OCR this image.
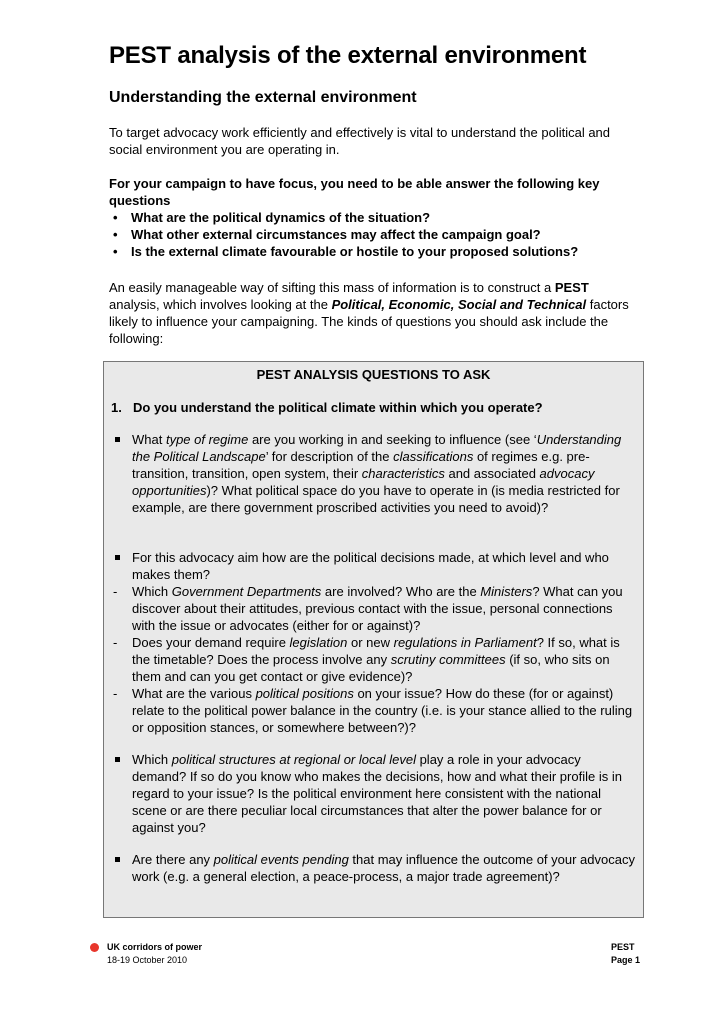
PEST analysis of the external environment
Understanding the external environment
To target advocacy work efficiently and effectively is vital to understand the political and social environment you are operating in.
For your campaign to have focus, you need to be able answer the following key questions
• What are the political dynamics of the situation?
• What other external circumstances may affect the campaign goal?
• Is the external climate favourable or hostile to your proposed solutions?
An easily manageable way of sifting this mass of information is to construct a PEST analysis, which involves looking at the Political, Economic, Social and Technical factors likely to influence your campaigning. The kinds of questions you should ask include the following:
PEST ANALYSIS QUESTIONS TO ASK
1. Do you understand the political climate within which you operate?
What type of regime are you working in and seeking to influence (see ‘Understanding the Political Landscape’ for description of the classifications of regimes e.g. pre-transition, transition, open system, their characteristics and associated advocacy opportunities)? What political space do you have to operate in (is media restricted for example, are there government proscribed activities you need to avoid)?
For this advocacy aim how are the political decisions made, at which level and who makes them?
-	Which Government Departments are involved? Who are the Ministers? What can you discover about their attitudes, previous contact with the issue, personal connections with the issue or advocates (either for or against)?
-	Does your demand require legislation or new regulations in Parliament? If so, what is the timetable? Does the process involve any scrutiny committees (if so, who sits on them and can you get contact or give evidence)?
-	What are the various political positions on your issue? How do these (for or against) relate to the political power balance in the country (i.e. is your stance allied to the ruling or opposition stances, or somewhere between?)?
Which political structures at regional or local level play a role in your advocacy demand? If so do you know who makes the decisions, how and what their profile is in regard to your issue? Is the political environment here consistent with the national scene or are there peculiar local circumstances that alter the power balance for or against you?
Are there any political events pending that may influence the outcome of your advocacy work (e.g. a general election, a peace-process, a major trade agreement)?
UK corridors of power
18-19 October 2010
PEST
Page 1
